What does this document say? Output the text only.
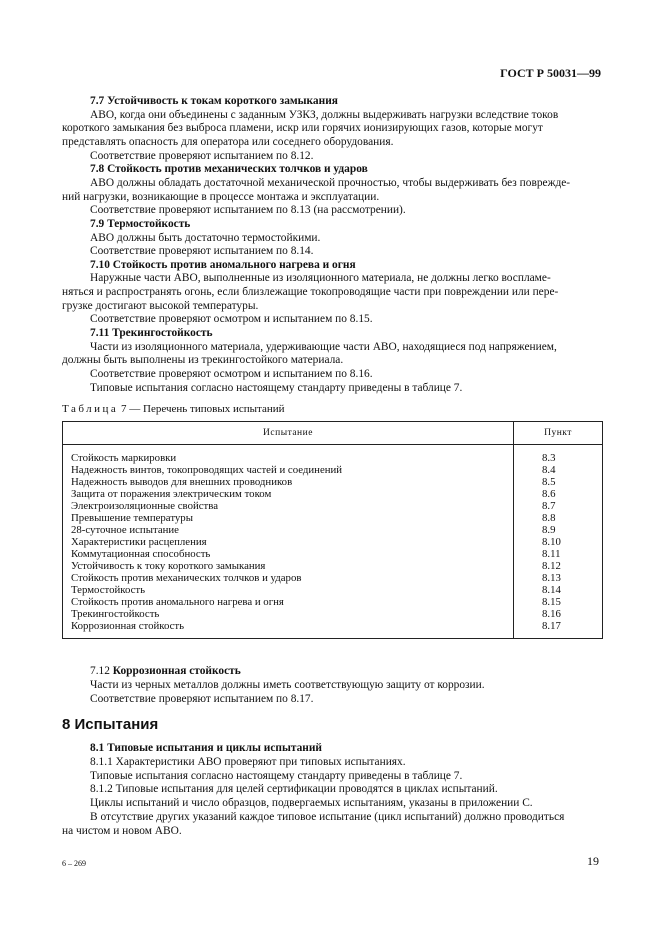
ГОСТ Р 50031—99
7.7 Устойчивость к токам короткого замыкания
АВО, когда они объединены с заданным УЗКЗ, должны выдерживать нагрузки вследствие токов
короткого замыкания без выброса пламени, искр или горячих ионизирующих газов, которые могут
представлять опасность для оператора или соседнего оборудования.
Соответствие проверяют испытанием по 8.12.
7.8 Стойкость против механических толчков и ударов
АВО должны обладать достаточной механической прочностью, чтобы выдерживать без поврежде-
ний нагрузки, возникающие в процессе монтажа и эксплуатации.
Соответствие проверяют испытанием по 8.13 (на рассмотрении).
7.9 Термостойкость
АВО должны быть достаточно термостойкими.
Соответствие проверяют испытанием по 8.14.
7.10 Стойкость против аномального нагрева и огня
Наружные части АВО, выполненные из изоляционного материала, не должны легко воспламе-
няться и распространять огонь, если близлежащие токопроводящие части при повреждении или пере-
грузке достигают высокой температуры.
Соответствие проверяют осмотром и испытанием по 8.15.
7.11 Трекингостойкость
Части из изоляционного материала, удерживающие части АВО, находящиеся под напряжением,
должны быть выполнены из трекингостойкого материала.
Соответствие проверяют осмотром и испытанием по 8.16.
Типовые испытания согласно настоящему стандарту приведены в таблице 7.
Таблица 7 — Перечень типовых испытаний
Испытание	Пункт
Стойкость маркировки	8.3
Надежность винтов, токопроводящих частей и соединений	8.4
Надежность выводов для внешних проводников	8.5
Защита от поражения электрическим током	8.6
Электроизоляционные свойства	8.7
Превышение температуры	8.8
28-суточное испытание	8.9
Характеристики расцепления	8.10
Коммутационная способность	8.11
Устойчивость к току короткого замыкания	8.12
Стойкость против механических толчков и ударов	8.13
Термостойкость	8.14
Стойкость против аномального нагрева и огня	8.15
Трекингостойкость	8.16
Коррозионная стойкость	8.17
7.12 Коррозионная стойкость
Части из черных металлов должны иметь соответствующую защиту от коррозии.
Соответствие проверяют испытанием по 8.17.
8 Испытания
8.1 Типовые испытания и циклы испытаний
8.1.1 Характеристики АВО проверяют при типовых испытаниях.
Типовые испытания согласно настоящему стандарту приведены в таблице 7.
8.1.2 Типовые испытания для целей сертификации проводятся в циклах испытаний.
Циклы испытаний и число образцов, подвергаемых испытаниям, указаны в приложении С.
В отсутствие других указаний каждое типовое испытание (цикл испытаний) должно проводиться
на чистом и новом АВО.
6 – 269	19
